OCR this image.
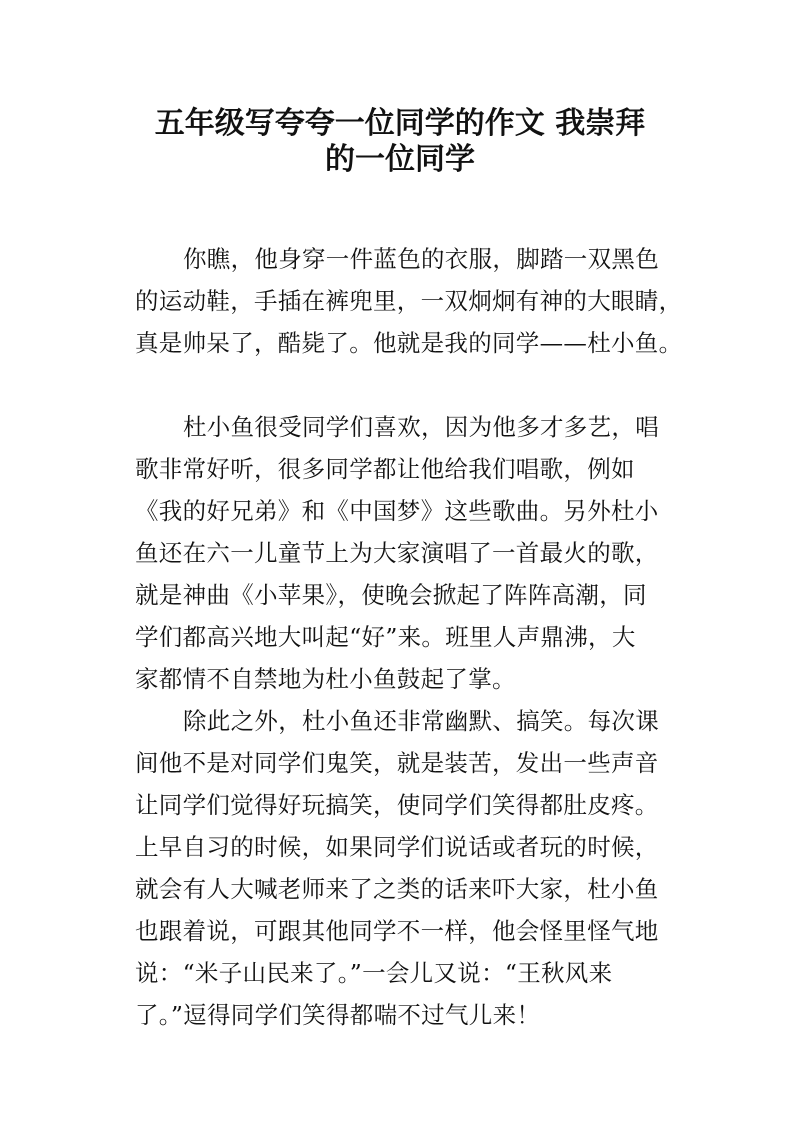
五年级写夸夸一位同学的作文 我崇拜
的一位同学
你瞧，他身穿一件蓝色的衣服，脚踏一双黑色
的运动鞋，手插在裤兜里，一双炯炯有神的大眼睛，
真是帅呆了，酷毙了。他就是我的同学——杜小鱼。
杜小鱼很受同学们喜欢，因为他多才多艺，唱
歌非常好听，很多同学都让他给我们唱歌，例如
《我的好兄弟》和《中国梦》这些歌曲。另外杜小
鱼还在六一儿童节上为大家演唱了一首最火的歌，
就是神曲《小苹果》，使晚会掀起了阵阵高潮，同
学们都高兴地大叫起“好”来。班里人声鼎沸，大
家都情不自禁地为杜小鱼鼓起了掌。
除此之外，杜小鱼还非常幽默、搞笑。每次课
间他不是对同学们鬼笑，就是装苦，发出一些声音
让同学们觉得好玩搞笑，使同学们笑得都肚皮疼。
上早自习的时候，如果同学们说话或者玩的时候，
就会有人大喊老师来了之类的话来吓大家，杜小鱼
也跟着说，可跟其他同学不一样，他会怪里怪气地
说：“米子山民来了。”一会儿又说：“王秋风来
了。”逗得同学们笑得都喘不过气儿来！
